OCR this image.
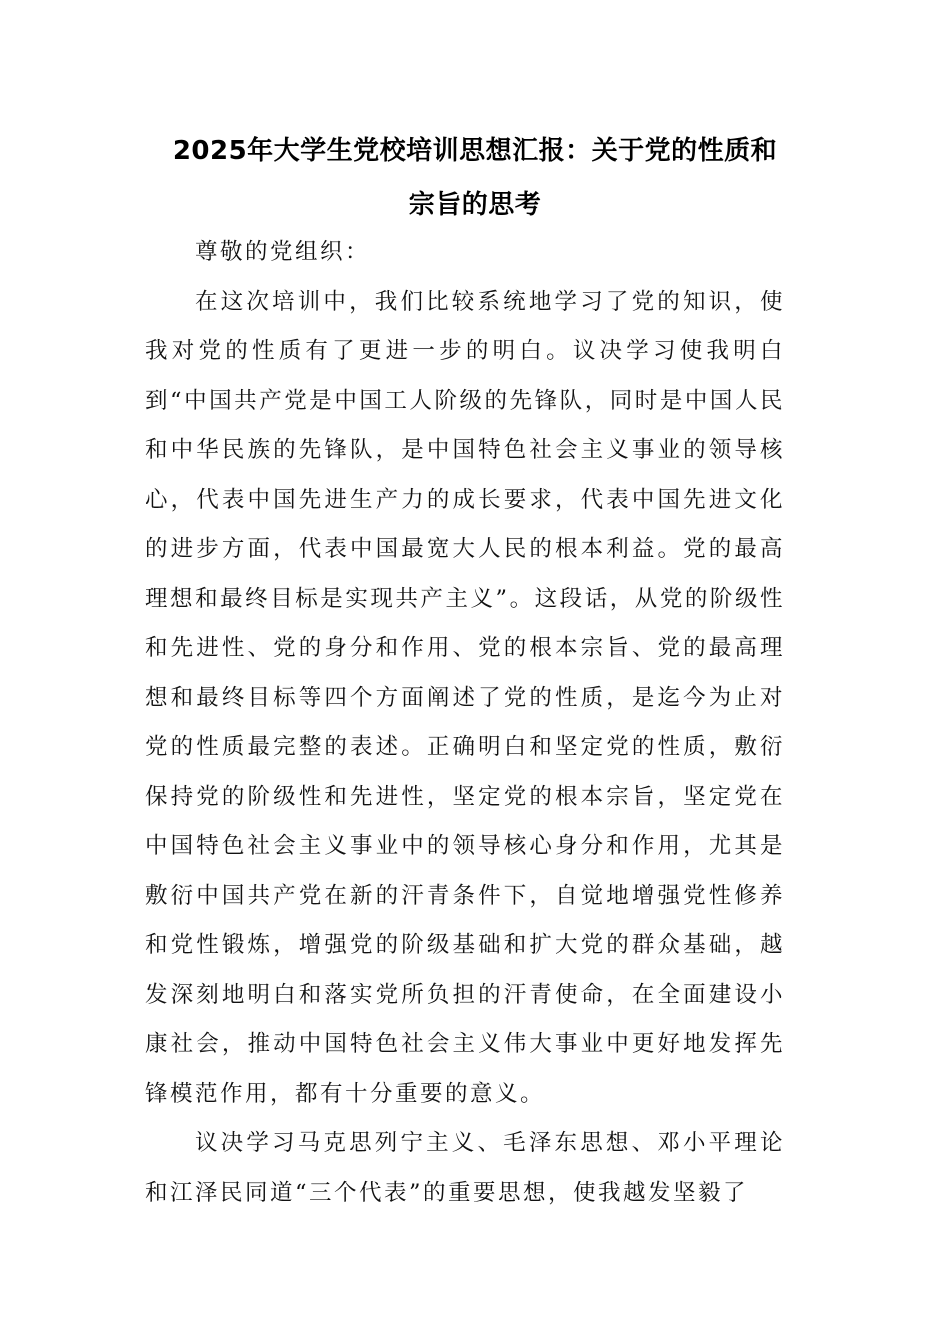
2025年大学生党校培训思想汇报：关于党的性质和
宗旨的思考

尊敬的党组织：

在这次培训中，我们比较系统地学习了党的知识，使我对党的性质有了更进一步的明白。议决学习使我明白到“中国共产党是中国工人阶级的先锋队，同时是中国人民和中华民族的先锋队，是中国特色社会主义事业的领导核心，代表中国先进生产力的成长要求，代表中国先进文化的进步方面，代表中国最宽大人民的根本利益。党的最高理想和最终目标是实现共产主义”。这段话，从党的阶级性和先进性、党的身分和作用、党的根本宗旨、党的最高理想和最终目标等四个方面阐述了党的性质，是迄今为止对党的性质最完整的表述。正确明白和坚定党的性质，敷衍保持党的阶级性和先进性，坚定党的根本宗旨，坚定党在中国特色社会主义事业中的领导核心身分和作用，尤其是敷衍中国共产党在新的汗青条件下，自觉地增强党性修养和党性锻炼，增强党的阶级基础和扩大党的群众基础，越发深刻地明白和落实党所负担的汗青使命，在全面建设小康社会，推动中国特色社会主义伟大事业中更好地发挥先锋模范作用，都有十分重要的意义。

议决学习马克思列宁主义、毛泽东思想、邓小平理论和江泽民同道“三个代表”的重要思想，使我越发坚毅了
